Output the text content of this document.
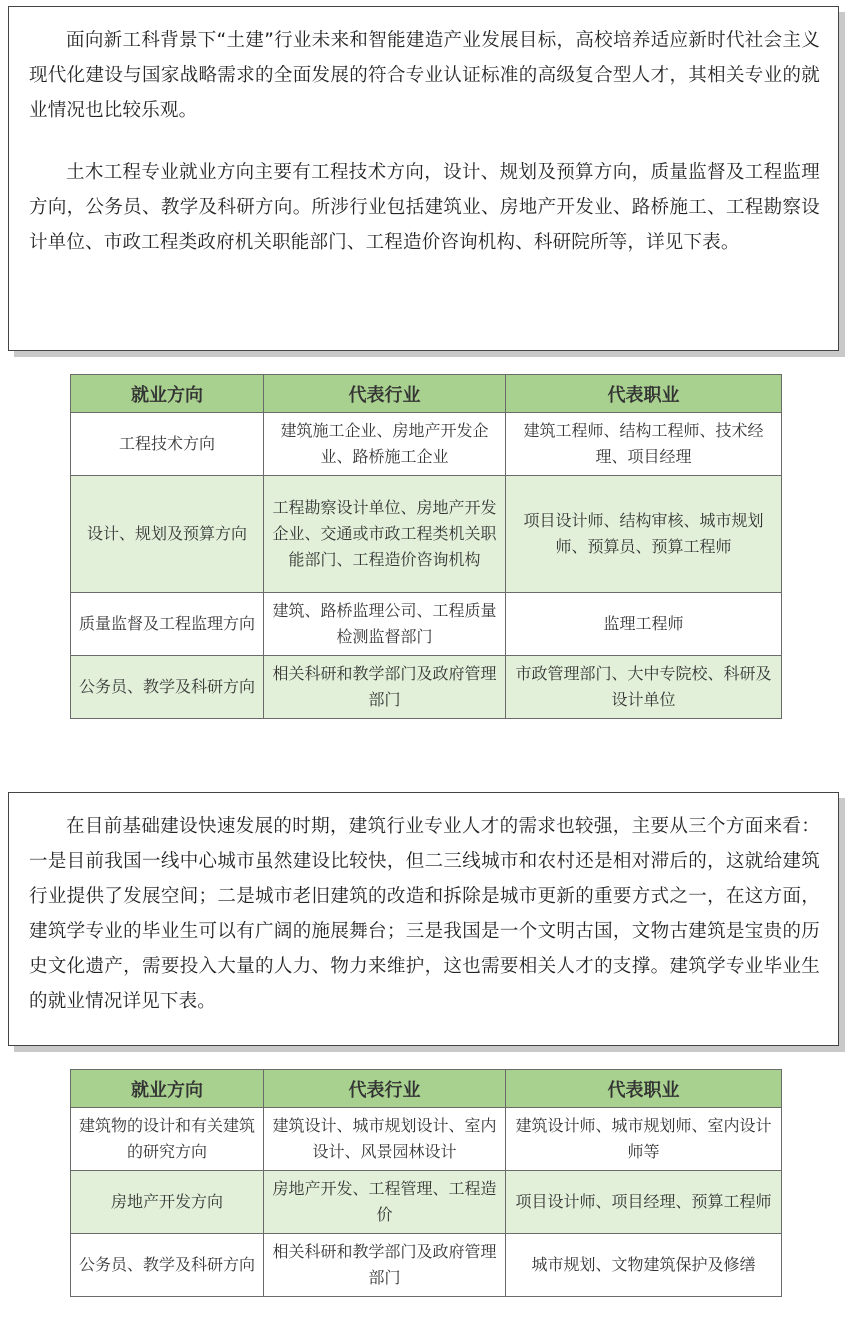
面向新工科背景下“土建”行业未来和智能建造产业发展目标，高校培养适应新时代社会主义现代化建设与国家战略需求的全面发展的符合专业认证标准的高级复合型人才，其相关专业的就业情况也比较乐观。

土木工程专业就业方向主要有工程技术方向，设计、规划及预算方向，质量监督及工程监理方向，公务员、教学及科研方向。所涉行业包括建筑业、房地产开发业、路桥施工、工程勘察设计单位、市政工程类政府机关职能部门、工程造价咨询机构、科研院所等，详见下表。

就业方向	代表行业	代表职业
工程技术方向	建筑施工企业、房地产开发企业、路桥施工企业	建筑工程师、结构工程师、技术经理、项目经理
设计、规划及预算方向	工程勘察设计单位、房地产开发企业、交通或市政工程类机关职能部门、工程造价咨询机构	项目设计师、结构审核、城市规划师、预算员、预算工程师
质量监督及工程监理方向	建筑、路桥监理公司、工程质量检测监督部门	监理工程师
公务员、教学及科研方向	相关科研和教学部门及政府管理部门	市政管理部门、大中专院校、科研及设计单位

在目前基础建设快速发展的时期，建筑行业专业人才的需求也较强，主要从三个方面来看：一是目前我国一线中心城市虽然建设比较快，但二三线城市和农村还是相对滞后的，这就给建筑行业提供了发展空间；二是城市老旧建筑的改造和拆除是城市更新的重要方式之一，在这方面，建筑学专业的毕业生可以有广阔的施展舞台；三是我国是一个文明古国，文物古建筑是宝贵的历史文化遗产，需要投入大量的人力、物力来维护，这也需要相关人才的支撑。建筑学专业毕业生的就业情况详见下表。

就业方向	代表行业	代表职业
建筑物的设计和有关建筑的研究方向	建筑设计、城市规划设计、室内设计、风景园林设计	建筑设计师、城市规划师、室内设计师等
房地产开发方向	房地产开发、工程管理、工程造价	项目设计师、项目经理、预算工程师
公务员、教学及科研方向	相关科研和教学部门及政府管理部门	城市规划、文物建筑保护及修缮
